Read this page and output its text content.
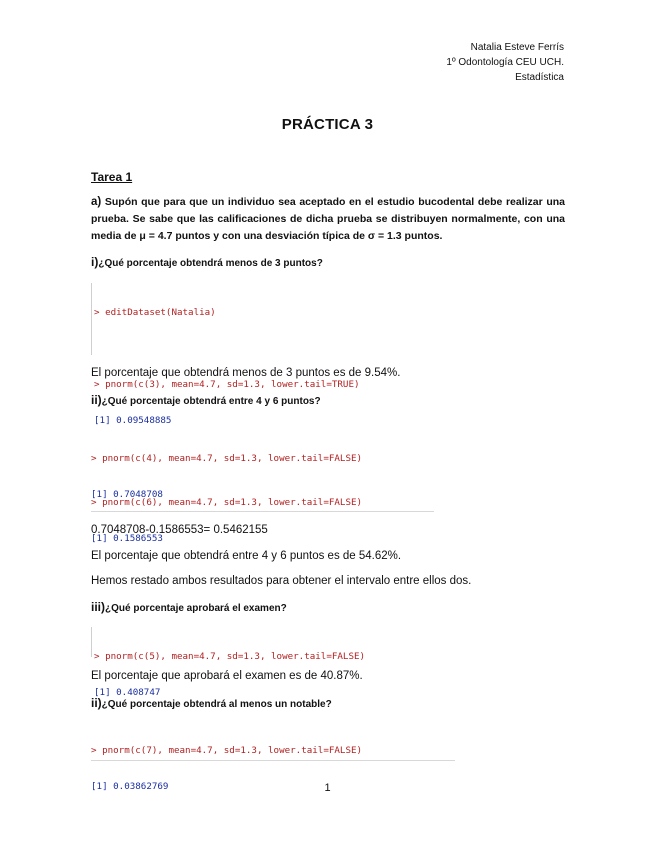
Natalia Esteve Ferrís
1º Odontología CEU UCH.
Estadística
PRÁCTICA 3
Tarea 1
a) Supón que para que un individuo sea aceptado en el estudio bucodental debe realizar una prueba. Se sabe que las calificaciones de dicha prueba se distribuyen normalmente, con una media de μ = 4.7 puntos y con una desviación típica de σ = 1.3 puntos.
i)¿Qué porcentaje obtendrá menos de 3 puntos?

> editDataset(Natalia)

> pnorm(c(3), mean=4.7, sd=1.3, lower.tail=TRUE)

[1] 0.09548885

El porcentaje que obtendrá menos de 3 puntos es de 9.54%.
ii)¿Qué porcentaje obtendrá entre 4 y 6 puntos?

> pnorm(c(4), mean=4.7, sd=1.3, lower.tail=FALSE)

[1] 0.7048708

> pnorm(c(6), mean=4.7, sd=1.3, lower.tail=FALSE)

[1] 0.1586553

0.7048708-0.1586553= 0.5462155
El porcentaje que obtendrá entre 4 y 6 puntos es de 54.62%.
Hemos restado ambos resultados para obtener el intervalo entre ellos dos.
iii)¿Qué porcentaje aprobará el examen?

> pnorm(c(5), mean=4.7, sd=1.3, lower.tail=FALSE)

[1] 0.408747

El porcentaje que aprobará el examen es de 40.87%.
ii)¿Qué porcentaje obtendrá al menos un notable?

> pnorm(c(7), mean=4.7, sd=1.3, lower.tail=FALSE)

[1] 0.03862769

	1
